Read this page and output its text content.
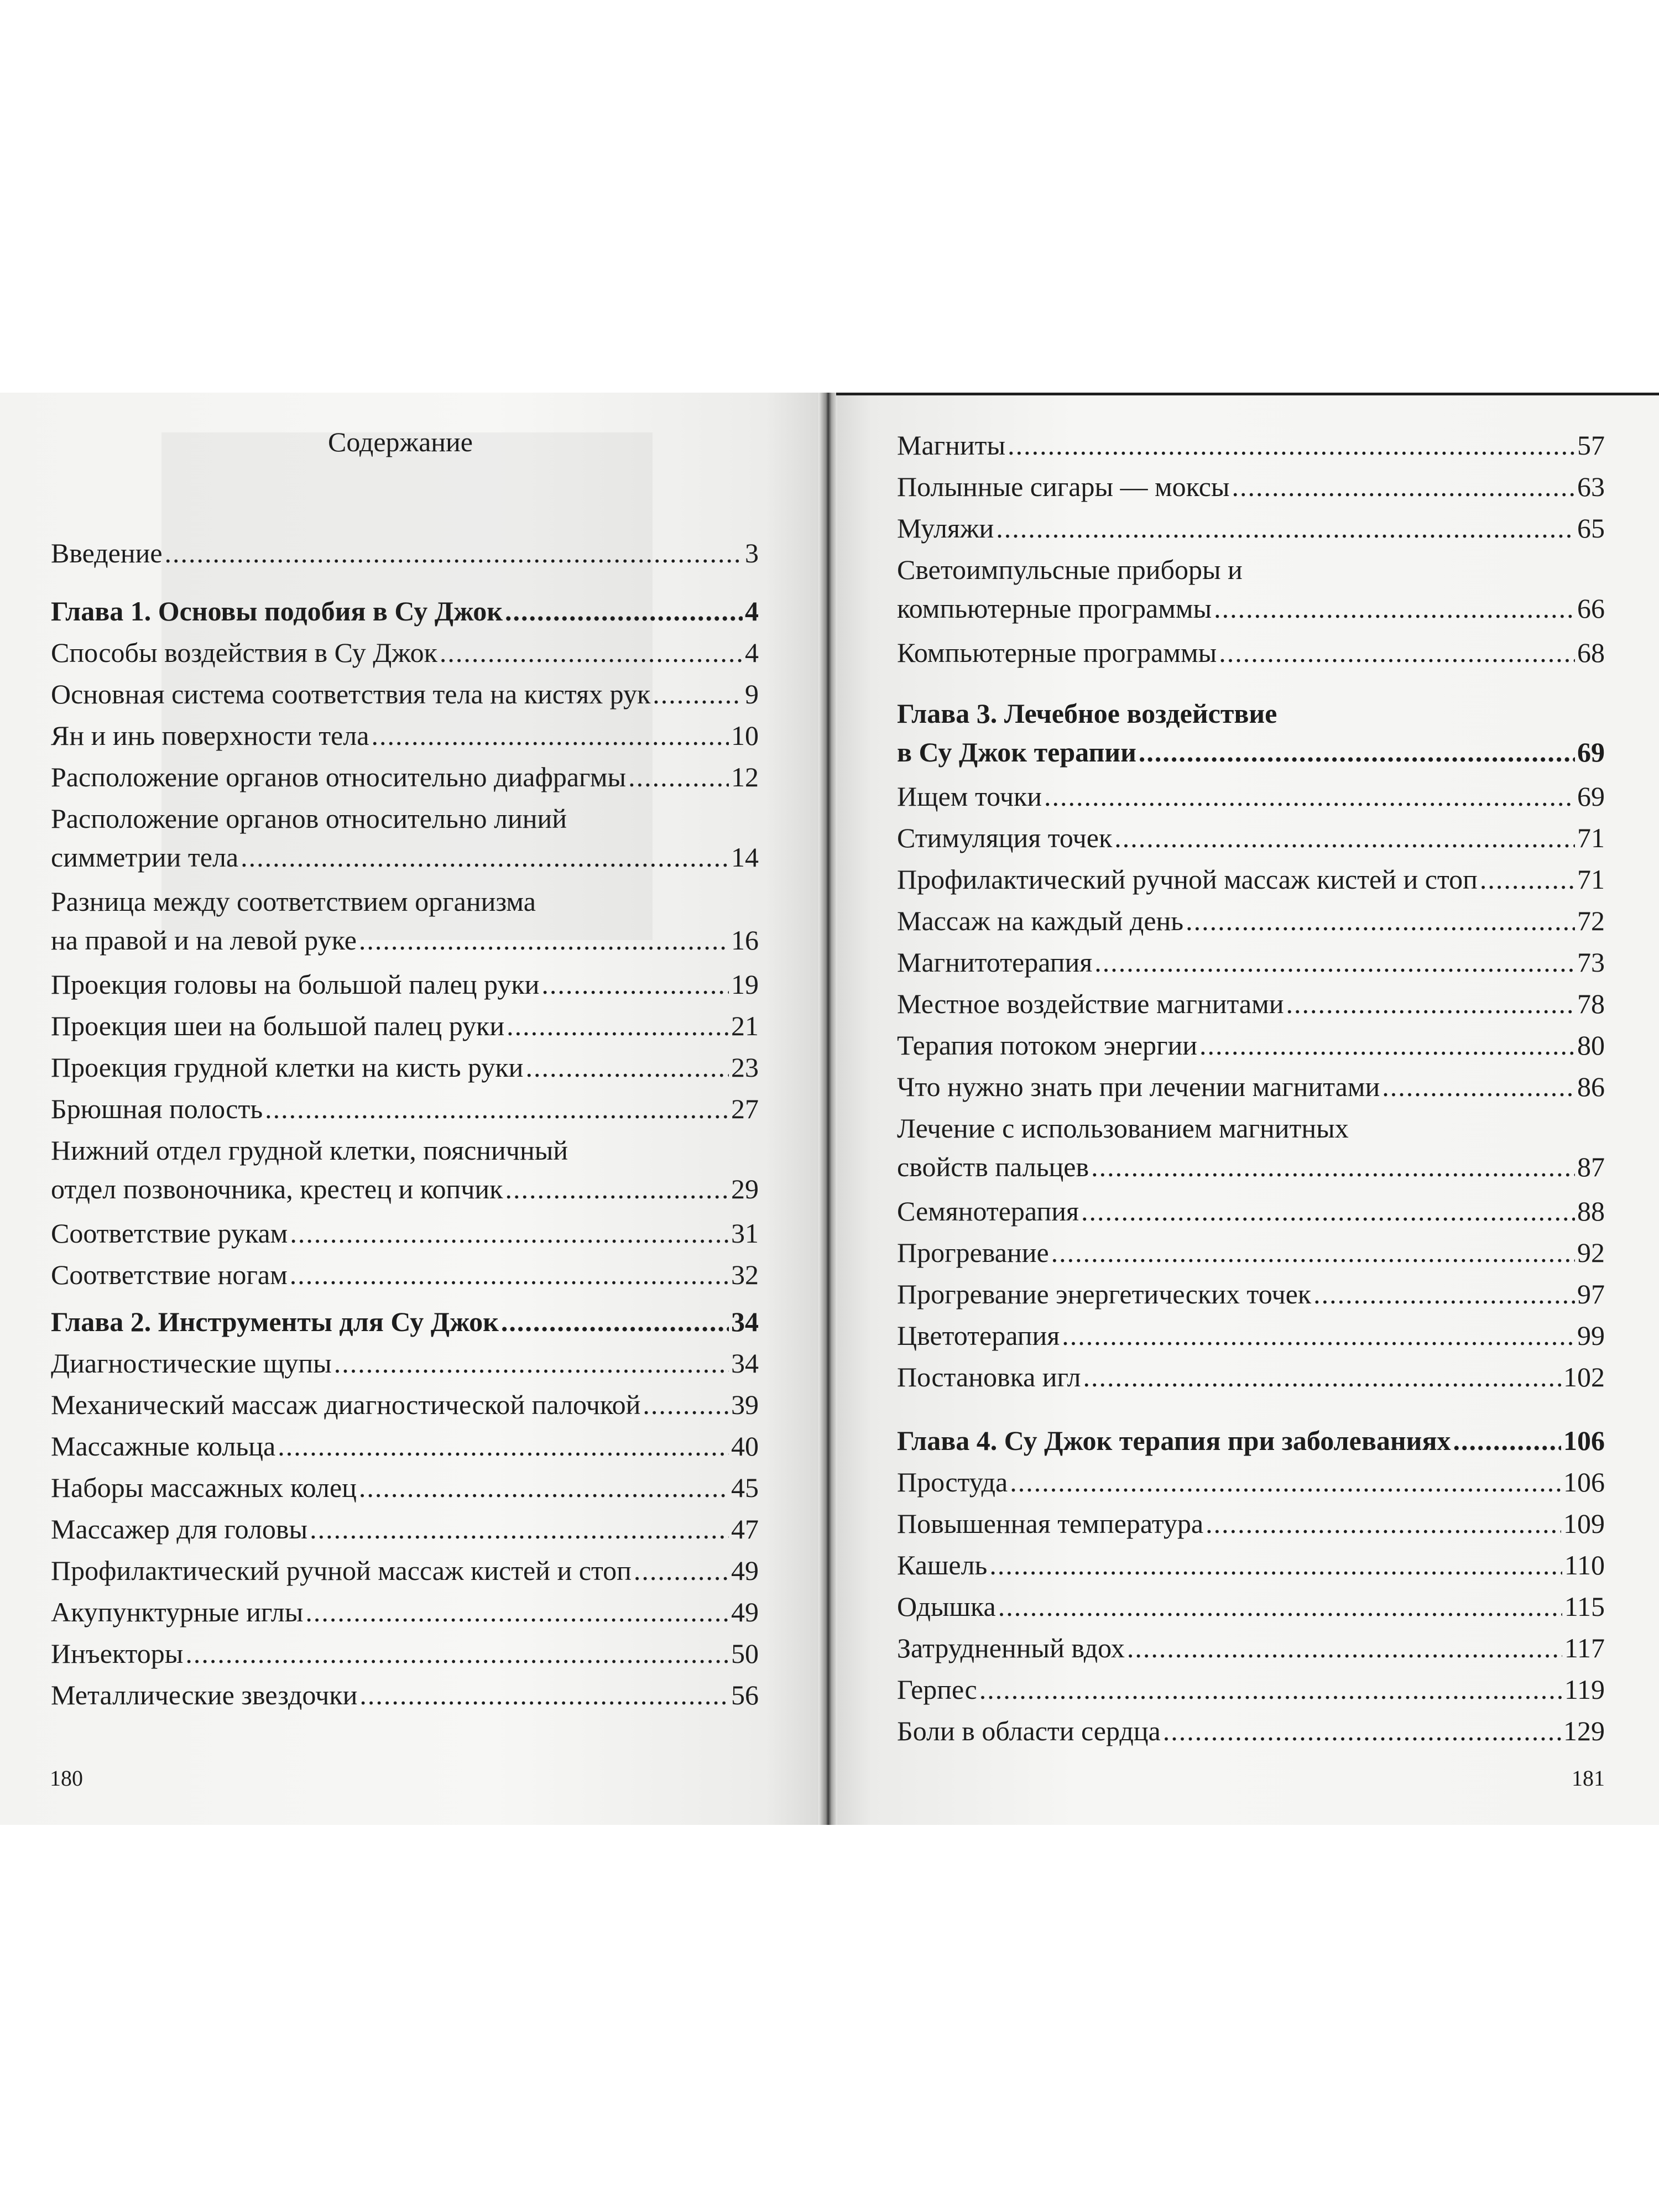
Содержание
Введение .....	3
Глава 1. Основы подобия в Су Джок .....	4
Способы воздействия в Су Джок .....	4
Основная система соответствия тела на кистях рук .....	9
Ян и инь поверхности тела .....	10
Расположение органов относительно диафрагмы .....	12
Расположение органов относительно линий
симметрии тела .....	14
Разница между соответствием организма
на правой и на левой руке .....	16
Проекция головы на большой палец руки .....	19
Проекция шеи на большой палец руки .....	21
Проекция грудной клетки на кисть руки .....	23
Брюшная полость .....	27
Нижний отдел грудной клетки, поясничный
отдел позвоночника, крестец и копчик .....	29
Соответствие рукам .....	31
Соответствие ногам .....	32
Глава 2. Инструменты для Су Джок .....	34
Диагностические щупы .....	34
Механический массаж диагностической палочкой .....	39
Массажные кольца .....	40
Наборы массажных колец .....	45
Массажер для головы .....	47
Профилактический ручной массаж кистей и стоп .....	49
Акупунктурные иглы .....	49
Инъекторы .....	50
Металлические звездочки .....	56
180
Магниты .....	57
Полынные сигары — моксы .....	63
Муляжи .....	65
Светоимпульсные приборы и
компьютерные программы .....	66
Компьютерные программы .....	68
Глава 3. Лечебное воздействие
в Су Джок терапии .....	69
Ищем точки .....	69
Стимуляция точек .....	71
Профилактический ручной массаж кистей и стоп .....	71
Массаж на каждый день .....	72
Магнитотерапия .....	73
Местное воздействие магнитами .....	78
Терапия потоком энергии .....	80
Что нужно знать при лечении магнитами .....	86
Лечение с использованием магнитных
свойств пальцев .....	87
Семянотерапия .....	88
Прогревание .....	92
Прогревание энергетических точек .....	97
Цветотерапия .....	99
Постановка игл .....	102
Глава 4. Су Джок терапия при заболеваниях .....	106
Простуда .....	106
Повышенная температура .....	109
Кашель .....	110
Одышка .....	115
Затрудненный вдох .....	117
Герпес .....	119
Боли в области сердца .....	129
181
